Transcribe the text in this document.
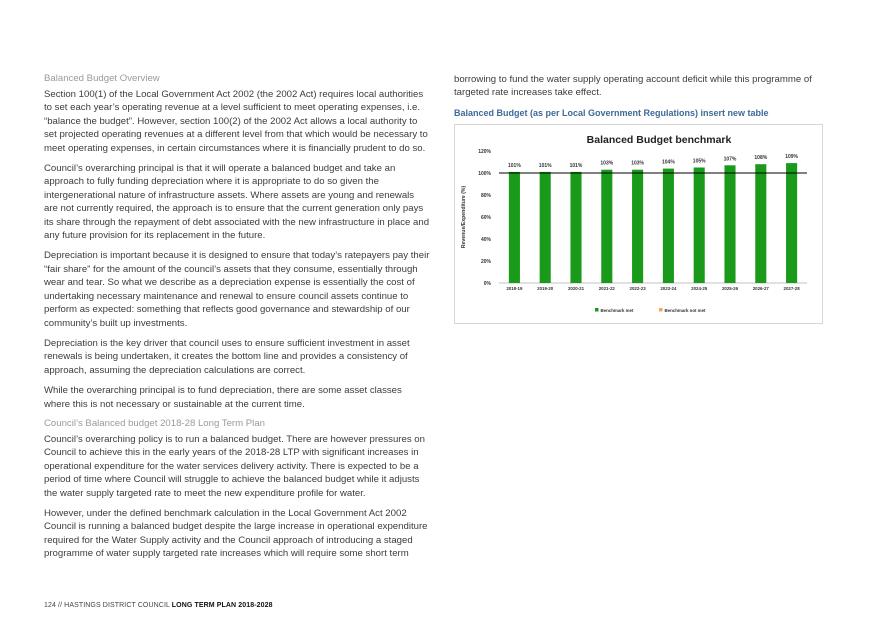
Balanced Budget Overview

Section 100(1) of the Local Government Act 2002 (the 2002 Act) requires local authorities to set each year’s operating revenue at a level sufficient to meet operating expenses, i.e. “balance the budget”. However, section 100(2) of the 2002 Act allows a local authority to set projected operating revenues at a different level from that which would be necessary to meet operating expenses, in certain circumstances where it is financially prudent to do so.

Council’s overarching principal is that it will operate a balanced budget and take an approach to fully funding depreciation where it is appropriate to do so given the intergenerational nature of infrastructure assets. Where assets are young and renewals are not currently required, the approach is to ensure that the current generation only pays its share through the repayment of debt associated with the new infrastructure in place and any future provision for its replacement in the future.

Depreciation is important because it is designed to ensure that today’s ratepayers pay their “fair share” for the amount of the council’s assets that they consume, essentially through wear and tear. So what we describe as a depreciation expense is essentially the cost of undertaking necessary maintenance and renewal to ensure council assets continue to perform as expected: something that reflects good governance and stewardship of our community’s built up investments.

Depreciation is the key driver that council uses to ensure sufficient investment in asset renewals is being undertaken, it creates the bottom line and provides a consistency of approach, assuming the depreciation calculations are correct.

While the overarching principal is to fund depreciation, there are some asset classes where this is not necessary or sustainable at the current time.

Council’s Balanced budget 2018-28 Long Term Plan

Council’s overarching policy is to run a balanced budget. There are however pressures on Council to achieve this in the early years of the 2018-28 LTP with significant increases in operational expenditure for the water services delivery activity. There is expected to be a period of time where Council will struggle to achieve the balanced budget while it adjusts the water supply targeted rate to meet the new expenditure profile for water.

However, under the defined benchmark calculation in the Local Government Act 2002 Council is running a balanced budget despite the large increase in operational expenditure required for the Water Supply activity and the Council approach of introducing a staged programme of water supply targeted rate increases which will require some short term

borrowing to fund the water supply operating account deficit while this programme of targeted rate increases take effect.

Balanced Budget (as per Local Government Regulations) insert new table

Balanced Budget benchmark
0%
20%
40%
60%
80%
100%
120%
Revenue/Expenditure (%)
101%
2018-19
101%
2019-20
101%
2020-21
103%
2021-22
103%
2022-23
104%
2023-24
105%
2024-25
107%
2025-26
108%
2026-27
109%
2027-28
Benchmark met	Benchmark not met
124 // HASTINGS DISTRICT COUNCIL LONG TERM PLAN 2018-2028
